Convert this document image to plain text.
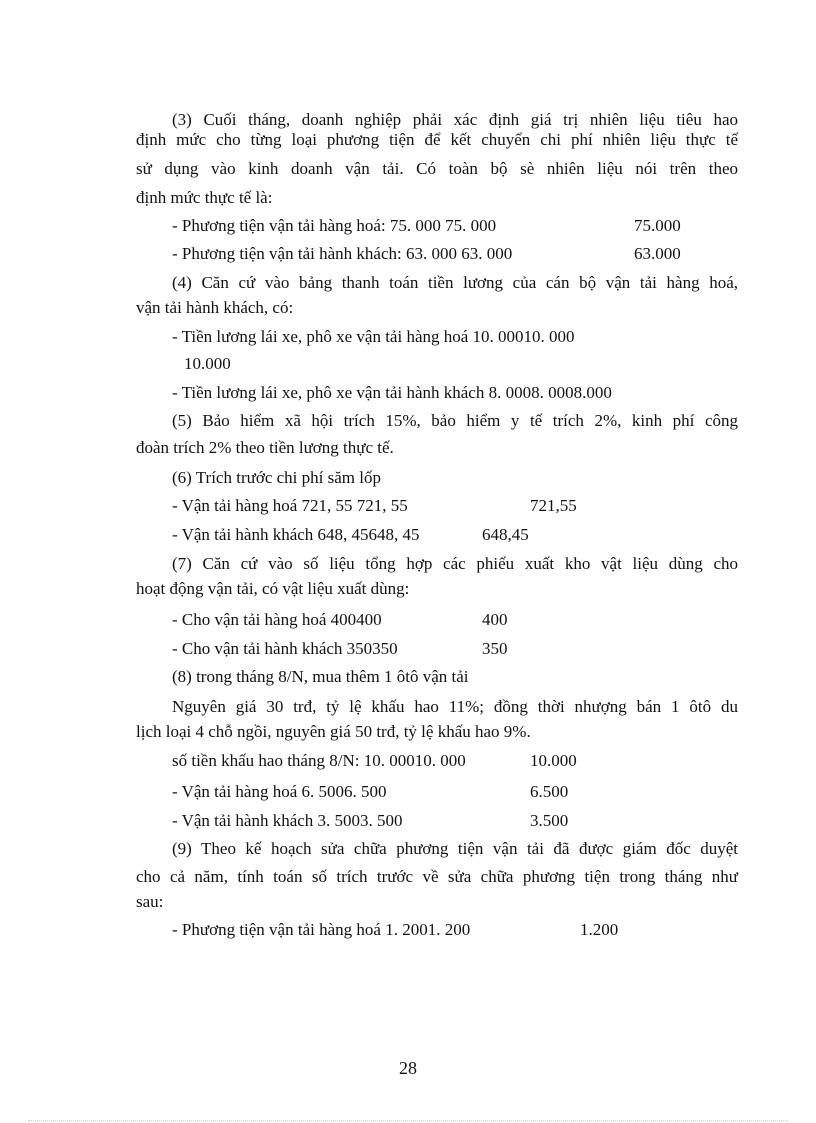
(3) Cuối tháng, doanh nghiệp phải xác định giá trị nhiên liệu tiêu hao
định mức cho từng loại phương tiện để kết chuyển chi phí nhiên liệu thực tế
sử dụng vào kinh doanh vận tải. Có toàn bộ sè nhiên liệu nói trên theo
định mức thực tế là:
- Phương tiện vận tải hàng hoá: 75. 000 75. 000	75.000
- Phương tiện vận tải hành khách: 63. 000 63. 000	63.000
(4) Căn cứ vào bảng thanh toán tiền lương của cán bộ vận tải hàng hoá,
vận tải hành khách, có:
- Tiền lương lái xe, phô xe vận tải hàng hoá 10. 00010. 000
10.000
- Tiền lương lái xe, phô xe vận tải hành khách 8. 0008. 0008.000
(5) Bảo hiểm xã hội trích 15%, bảo hiểm y tế trích 2%, kinh phí công
đoàn trích 2% theo tiền lương thực tế.
(6) Trích trước chi phí săm lốp
- Vận tải hàng hoá 721, 55 721, 55	721,55
- Vận tải hành khách 648, 45648, 45	648,45
(7) Căn cứ vào số liệu tổng hợp các phiếu xuất kho vật liệu dùng cho
hoạt động vận tải, có vật liệu xuất dùng:
- Cho vận tải hàng hoá 400400	400
- Cho vận tải hành khách 350350	350
(8) trong tháng 8/N, mua thêm 1 ôtô vận tải
Nguyên giá 30 trđ, tỷ lệ khấu hao 11%; đồng thời nhượng bán 1 ôtô du
lịch loại 4 chỗ ngồi, nguyên giá 50 trđ, tỷ lệ khấu hao 9%.
số tiền khấu hao tháng 8/N: 10. 00010. 000	10.000
- Vận tải hàng hoá 6. 5006. 500	6.500
- Vận tải hành khách 3. 5003. 500	3.500
(9) Theo kế hoạch sửa chữa phương tiện vận tải đã được giám đốc duyệt
cho cả năm, tính toán số trích trước về sửa chữa phương tiện trong tháng như
sau:
- Phương tiện vận tải hàng hoá 1. 2001. 200	1.200
28
